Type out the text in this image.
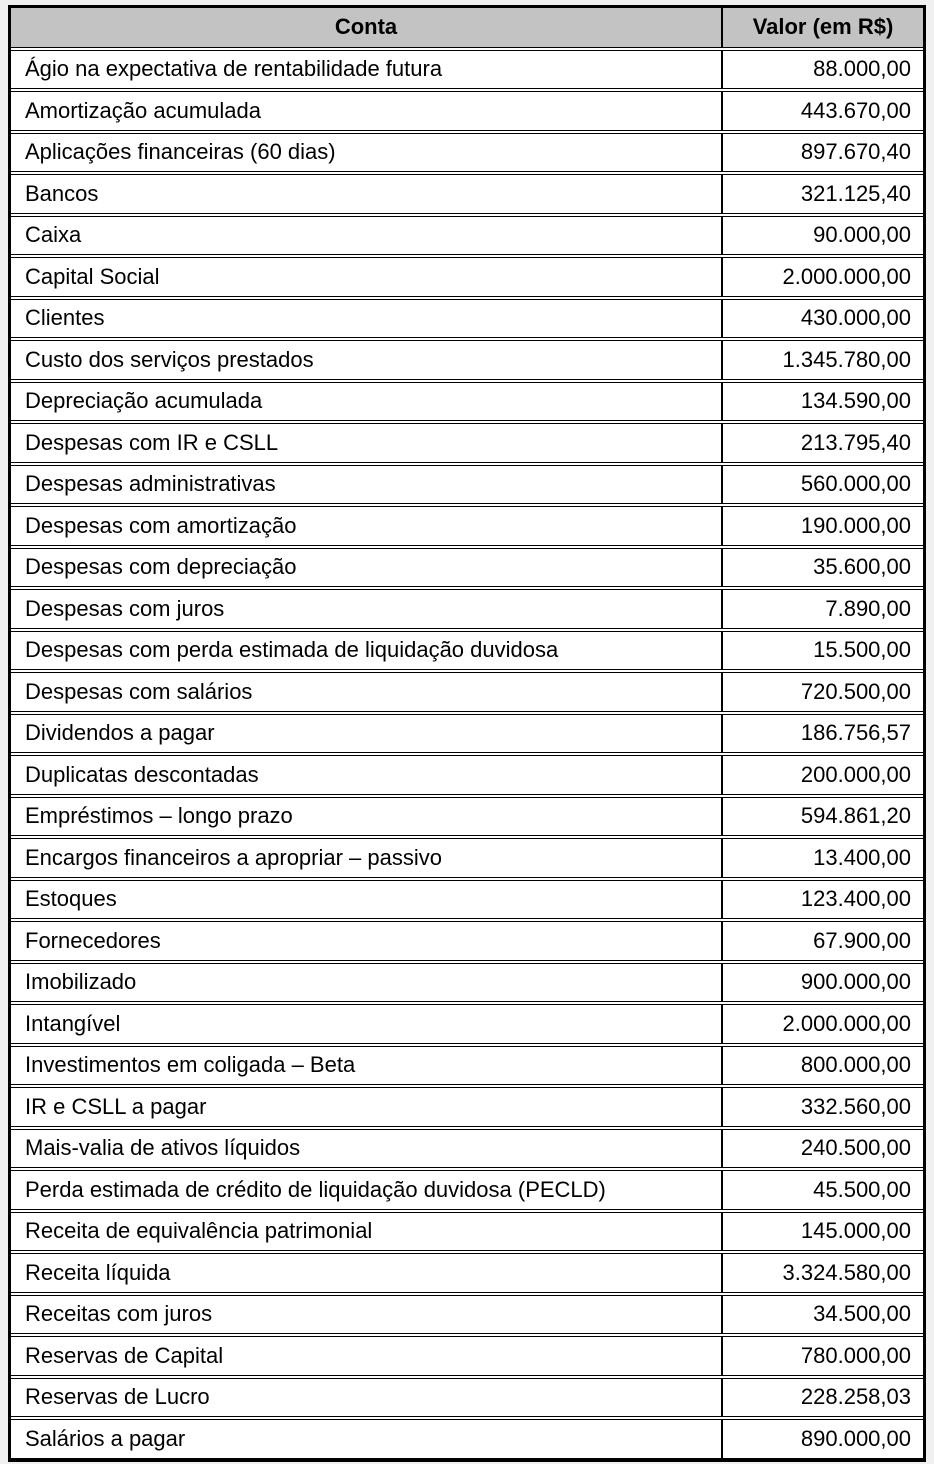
Conta	Valor (em R$)
Ágio na expectativa de rentabilidade futura	88.000,00
Amortização acumulada	443.670,00
Aplicações financeiras (60 dias)	897.670,40
Bancos	321.125,40
Caixa	90.000,00
Capital Social	2.000.000,00
Clientes	430.000,00
Custo dos serviços prestados	1.345.780,00
Depreciação acumulada	134.590,00
Despesas com IR e CSLL	213.795,40
Despesas administrativas	560.000,00
Despesas com amortização	190.000,00
Despesas com depreciação	35.600,00
Despesas com juros	7.890,00
Despesas com perda estimada de liquidação duvidosa	15.500,00
Despesas com salários	720.500,00
Dividendos a pagar	186.756,57
Duplicatas descontadas	200.000,00
Empréstimos – longo prazo	594.861,20
Encargos financeiros a apropriar – passivo	13.400,00
Estoques	123.400,00
Fornecedores	67.900,00
Imobilizado	900.000,00
Intangível	2.000.000,00
Investimentos em coligada – Beta	800.000,00
IR e CSLL a pagar	332.560,00
Mais-valia de ativos líquidos	240.500,00
Perda estimada de crédito de liquidação duvidosa (PECLD)	45.500,00
Receita de equivalência patrimonial	145.000,00
Receita líquida	3.324.580,00
Receitas com juros	34.500,00
Reservas de Capital	780.000,00
Reservas de Lucro	228.258,03
Salários a pagar	890.000,00
